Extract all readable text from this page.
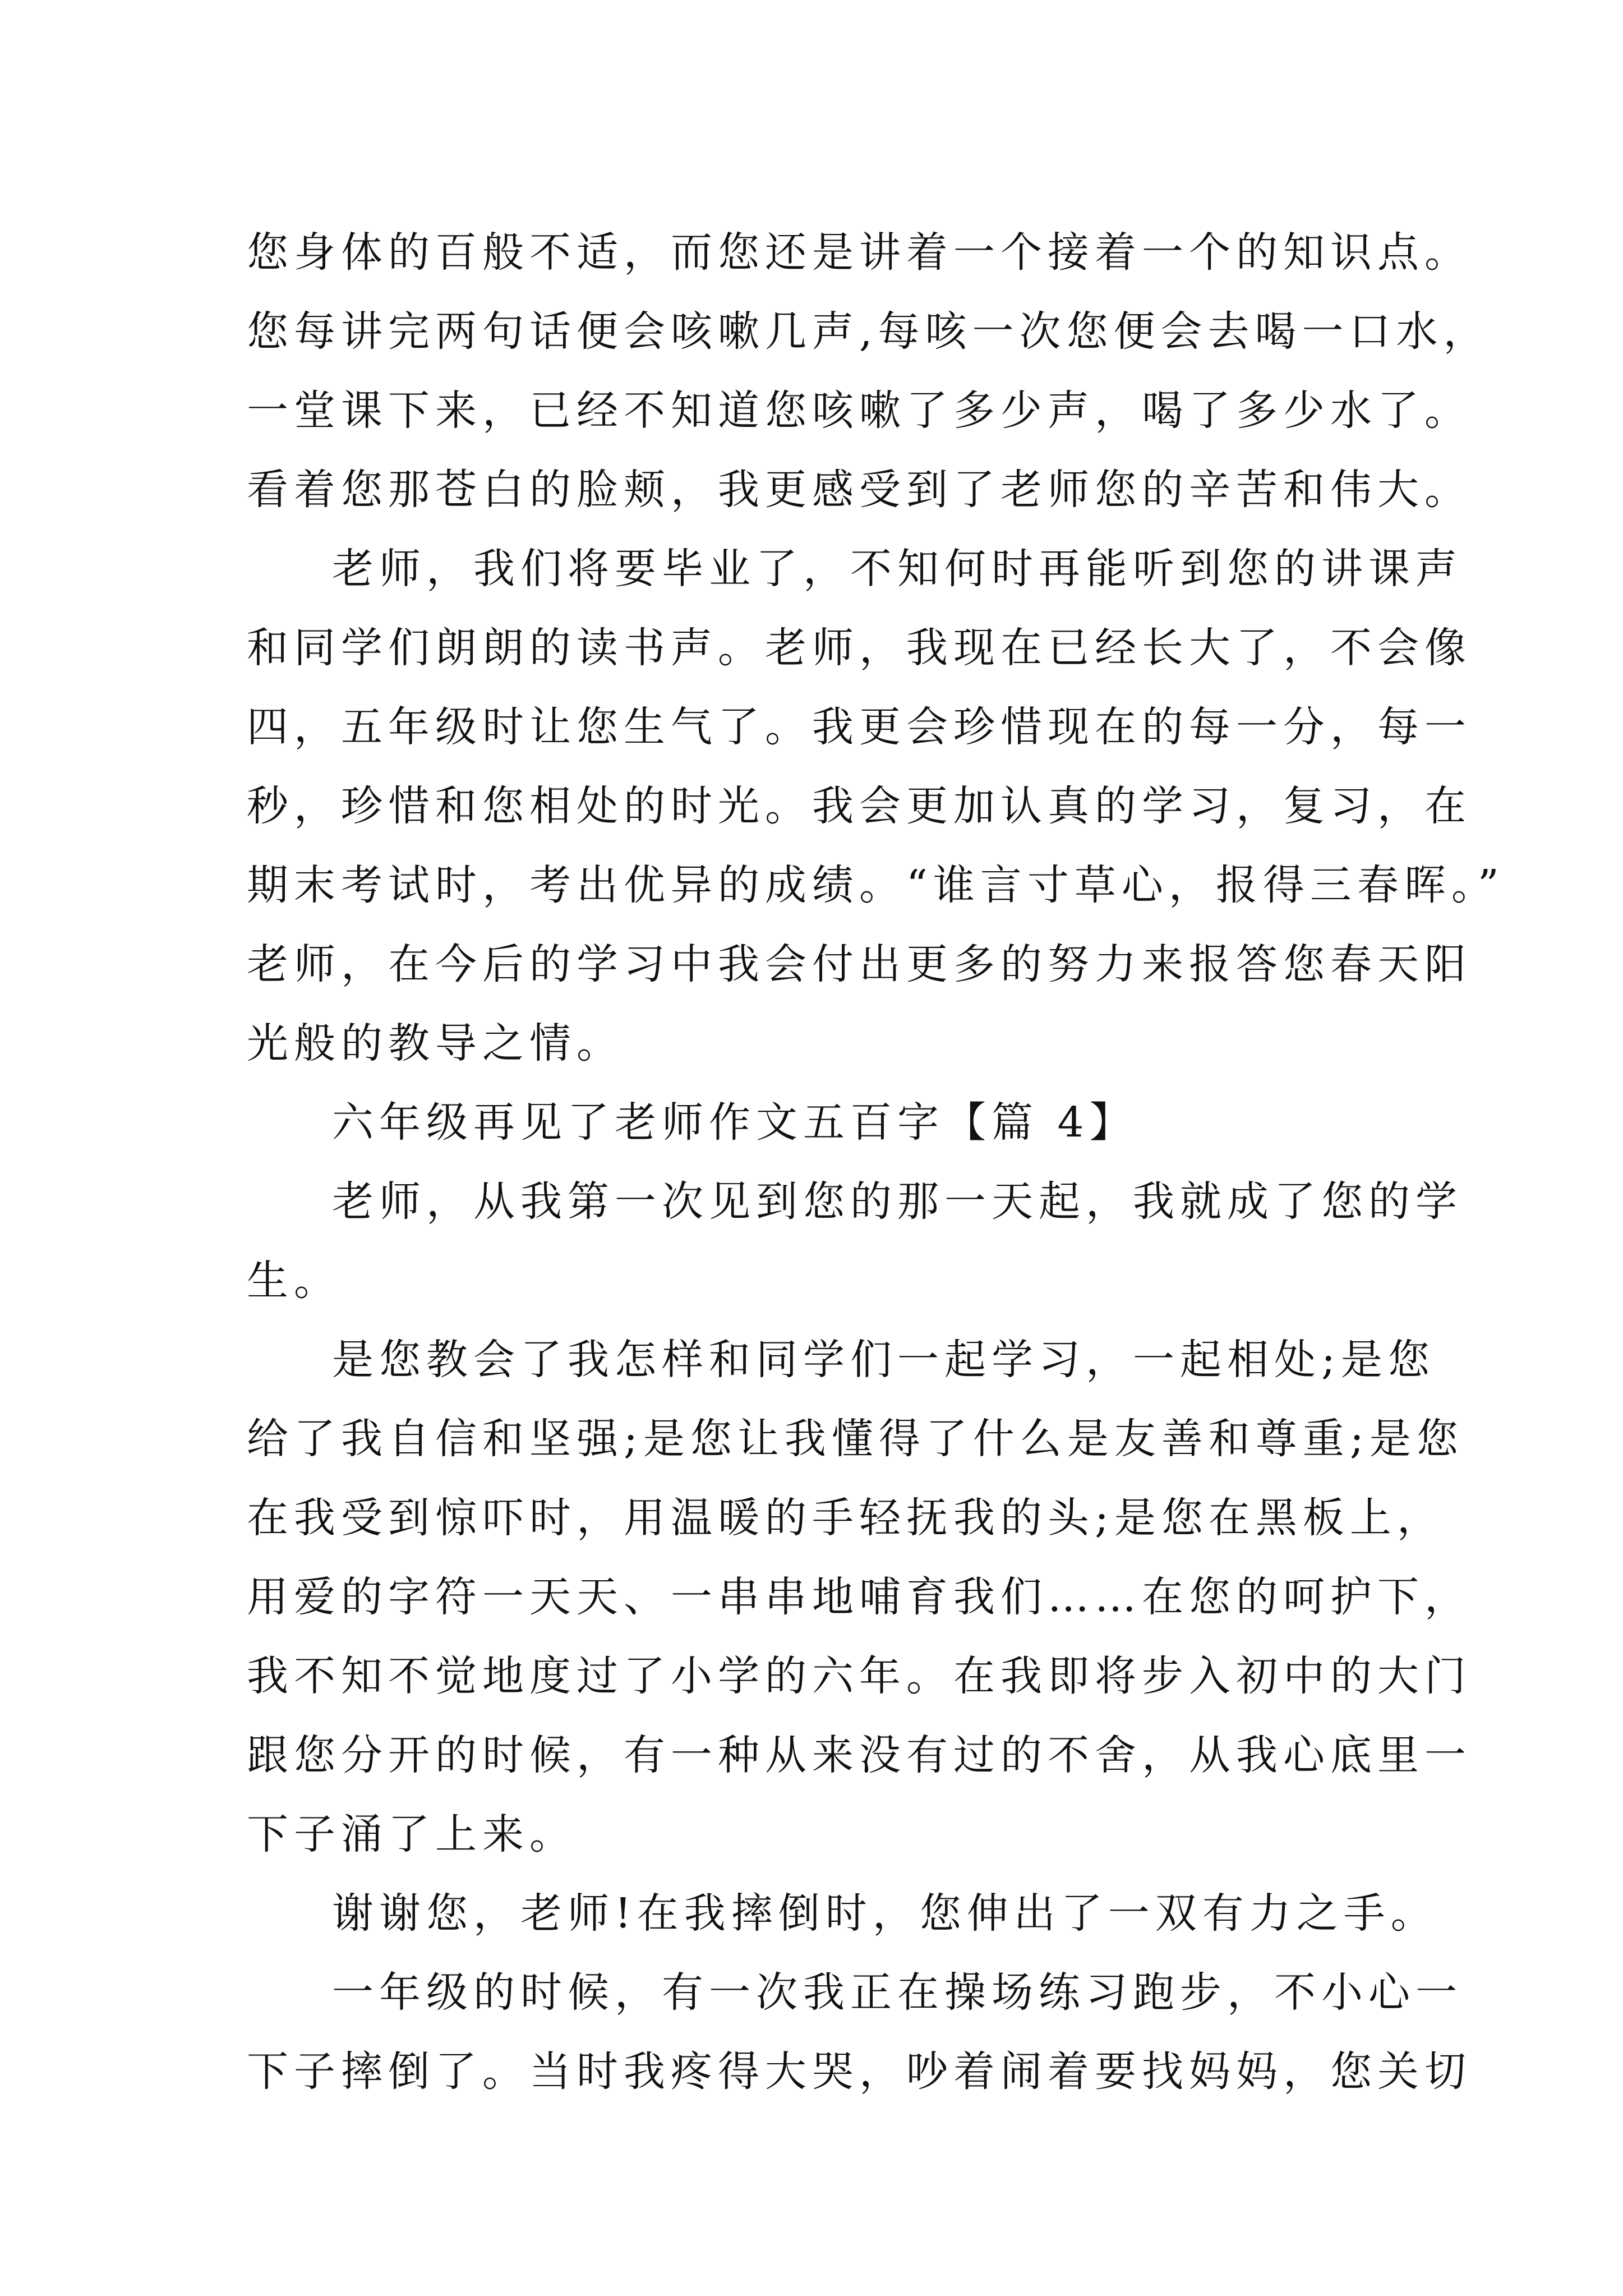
您身体的百般不适，而您还是讲着一个接着一个的知识点。
您每讲完两句话便会咳嗽几声,每咳一次您便会去喝一口水，
一堂课下来，已经不知道您咳嗽了多少声，喝了多少水了。
看着您那苍白的脸颊，我更感受到了老师您的辛苦和伟大。
老师，我们将要毕业了，不知何时再能听到您的讲课声
和同学们朗朗的读书声。老师，我现在已经长大了，不会像
四，五年级时让您生气了。我更会珍惜现在的每一分，每一
秒，珍惜和您相处的时光。我会更加认真的学习，复习，在
期末考试时，考出优异的成绩。“谁言寸草心，报得三春晖。”
老师，在今后的学习中我会付出更多的努力来报答您春天阳
光般的教导之情。
六年级再见了老师作文五百字【篇 4】
老师，从我第一次见到您的那一天起，我就成了您的学
生。
是您教会了我怎样和同学们一起学习，一起相处;是您
给了我自信和坚强;是您让我懂得了什么是友善和尊重;是您
在我受到惊吓时，用温暖的手轻抚我的头;是您在黑板上，
用爱的字符一天天、一串串地哺育我们……在您的呵护下，
我不知不觉地度过了小学的六年。在我即将步入初中的大门
跟您分开的时候，有一种从来没有过的不舍，从我心底里一
下子涌了上来。
谢谢您，老师!在我摔倒时，您伸出了一双有力之手。
一年级的时候，有一次我正在操场练习跑步，不小心一
下子摔倒了。当时我疼得大哭，吵着闹着要找妈妈，您关切
